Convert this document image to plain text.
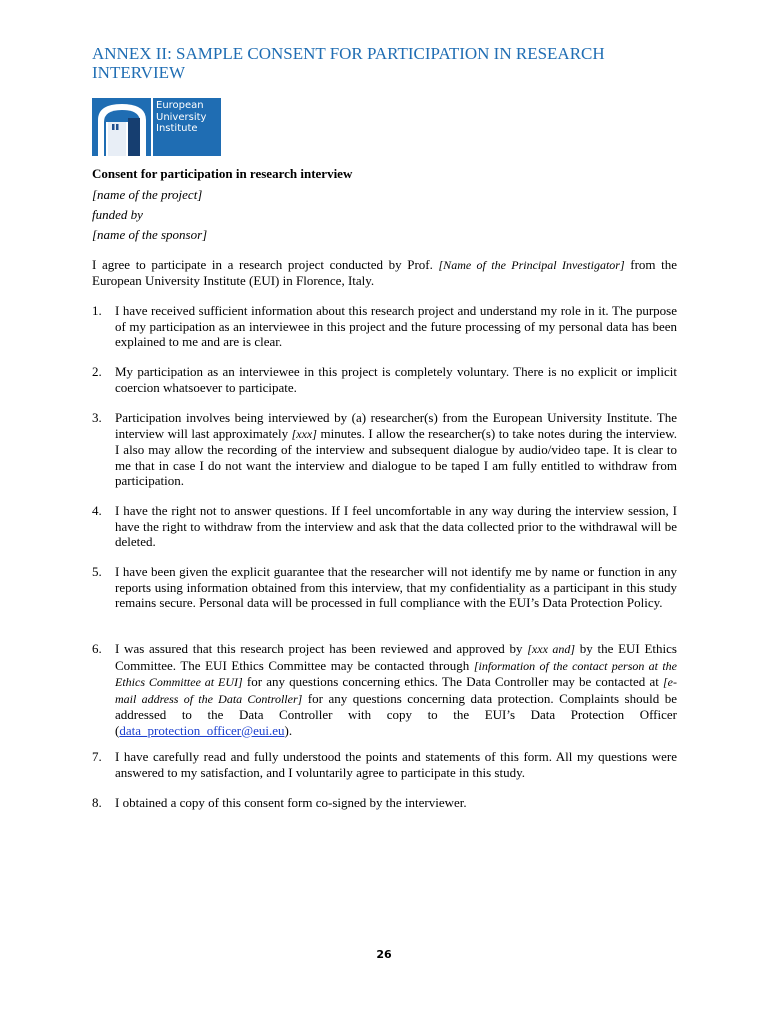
ANNEX II: SAMPLE CONSENT FOR PARTICIPATION IN RESEARCH INTERVIEW
European
University
Institute
Consent for participation in research interview
[name of the project]
funded by
[name of the sponsor]
I agree to participate in a research project conducted by Prof. [Name of the Principal Investigator] from the European University Institute (EUI) in Florence, Italy.
1.	I have received sufficient information about this research project and understand my role in it. The purpose of my participation as an interviewee in this project and the future processing of my personal data has been explained to me and are is clear.
2.	My participation as an interviewee in this project is completely voluntary. There is no explicit or implicit coercion whatsoever to participate.
3.	Participation involves being interviewed by (a) researcher(s) from the European University Institute. The interview will last approximately [xxx] minutes. I allow the researcher(s) to take notes during the interview. I also may allow the recording of the interview and subsequent dialogue by audio/video tape. It is clear to me that in case I do not want the interview and dialogue to be taped I am fully entitled to withdraw from participation.
4.	I have the right not to answer questions. If I feel uncomfortable in any way during the interview session, I have the right to withdraw from the interview and ask that the data collected prior to the withdrawal will be deleted.
5.	I have been given the explicit guarantee that the researcher will not identify me by name or function in any reports using information obtained from this interview, that my confidentiality as a participant in this study remains secure. Personal data will be processed in full compliance with the EUI’s Data Protection Policy.
6.	I was assured that this research project has been reviewed and approved by [xxx and] by the EUI Ethics Committee. The EUI Ethics Committee may be contacted through [information of the contact person at the Ethics Committee at EUI] for any questions concerning ethics. The Data Controller may be contacted at [e-mail address of the Data Controller] for any questions concerning data protection. Complaints should be addressed to the Data Controller with copy to the EUI’s Data Protection Officer (data_protection_officer@eui.eu).
7.	I have carefully read and fully understood the points and statements of this form. All my questions were answered to my satisfaction, and I voluntarily agree to participate in this study.
8.	I obtained a copy of this consent form co-signed by the interviewer.
26
